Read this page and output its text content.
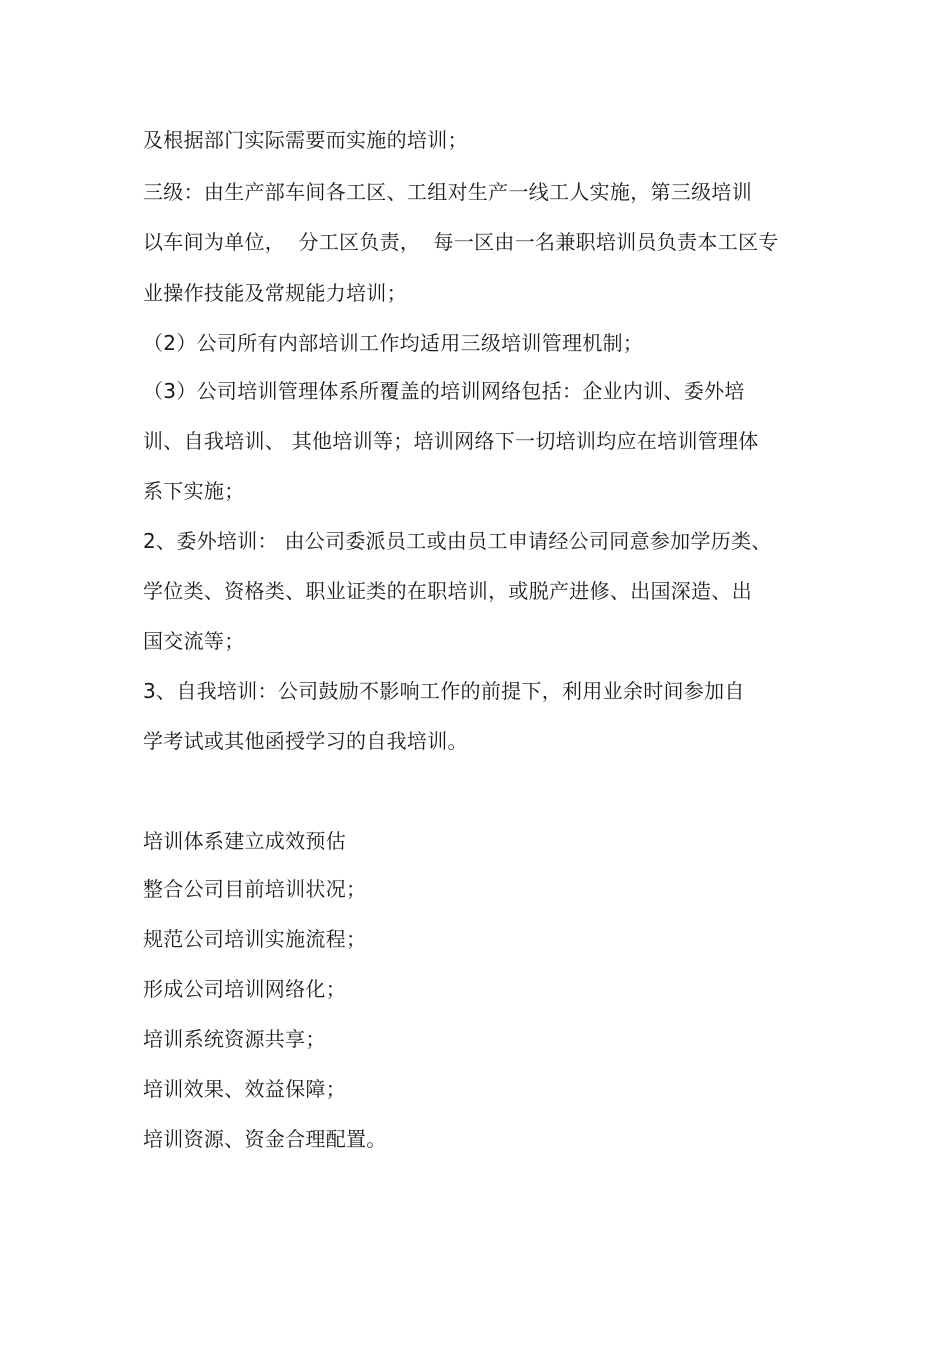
及根据部门实际需要而实施的培训；
三级：由生产部车间各工区、工组对生产一线工人实施，第三级培训
以车间为单位，  分工区负责，  每一区由一名兼职培训员负责本工区专
业操作技能及常规能力培训；
（2）公司所有内部培训工作均适用三级培训管理机制；
（3）公司培训管理体系所覆盖的培训网络包括：企业内训、委外培
训、自我培训、 其他培训等；培训网络下一切培训均应在培训管理体
系下实施；
2、委外培训： 由公司委派员工或由员工申请经公司同意参加学历类、
学位类、资格类、职业证类的在职培训，或脱产进修、出国深造、出
国交流等；
3、自我培训：公司鼓励不影响工作的前提下，利用业余时间参加自
学考试或其他函授学习的自我培训。
培训体系建立成效预估
整合公司目前培训状况；
规范公司培训实施流程；
形成公司培训网络化；
培训系统资源共享；
培训效果、效益保障；
培训资源、资金合理配置。
